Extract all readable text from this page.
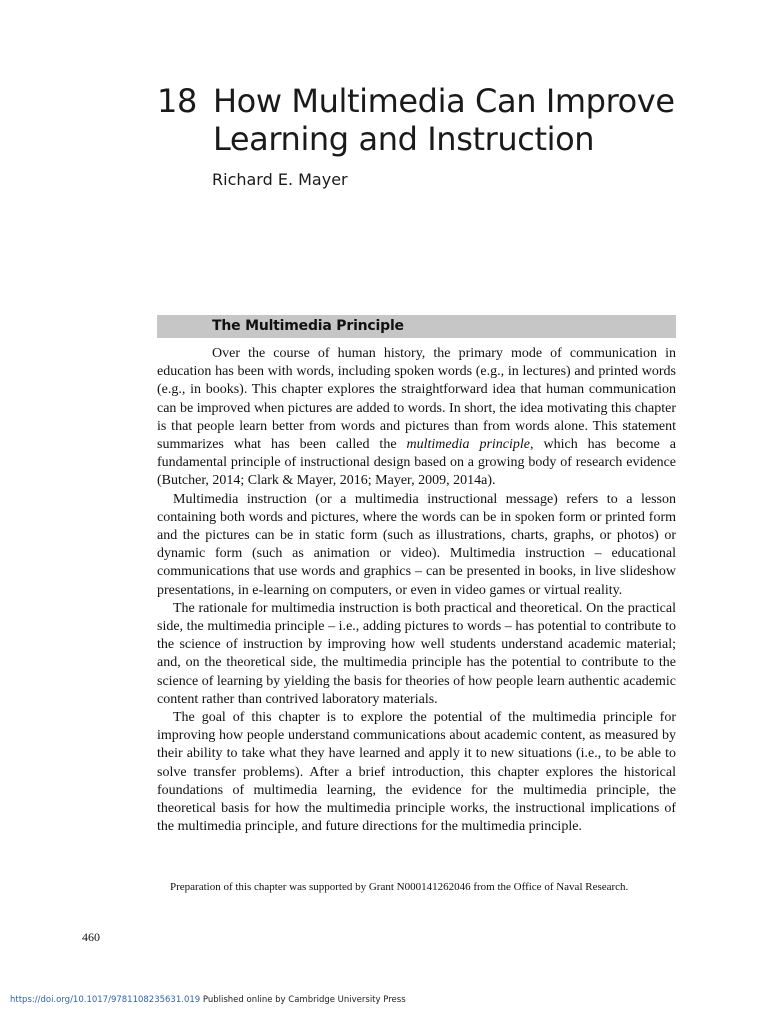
18 How Multimedia Can Improve Learning and Instruction
Richard E. Mayer
The Multimedia Principle

Over the course of human history, the primary mode of communication in education has been with words, including spoken words (e.g., in lectures) and printed words (e.g., in books). This chapter explores the straightforward idea that human communication can be improved when pictures are added to words. In short, the idea motivating this chapter is that people learn better from words and pictures than from words alone. This statement summarizes what has been called the multimedia principle, which has become a fundamental principle of instructional design based on a growing body of research evidence (Butcher, 2014; Clark & Mayer, 2016; Mayer, 2009, 2014a).

Multimedia instruction (or a multimedia instructional message) refers to a lesson containing both words and pictures, where the words can be in spoken form or printed form and the pictures can be in static form (such as illustrations, charts, graphs, or photos) or dynamic form (such as animation or video). Multimedia instruction – educational communications that use words and graphics – can be presented in books, in live slideshow presentations, in e-learning on computers, or even in video games or virtual reality.

The rationale for multimedia instruction is both practical and theoretical. On the practical side, the multimedia principle – i.e., adding pictures to words – has potential to contribute to the science of instruction by improving how well students understand academic material; and, on the theoretical side, the multimedia principle has the potential to contribute to the science of learning by yielding the basis for theories of how people learn authentic academic content rather than contrived laboratory materials.

The goal of this chapter is to explore the potential of the multimedia principle for improving how people understand communications about academic content, as measured by their ability to take what they have learned and apply it to new situations (i.e., to be able to solve transfer problems). After a brief introduction, this chapter explores the historical foundations of multimedia learning, the evidence for the multimedia principle, the theoretical basis for how the multimedia principle works, the instructional implications of the multimedia principle, and future directions for the multimedia principle.

Preparation of this chapter was supported by Grant N000141262046 from the Office of Naval Research.
460
https://doi.org/10.1017/9781108235631.019 Published online by Cambridge University Press
